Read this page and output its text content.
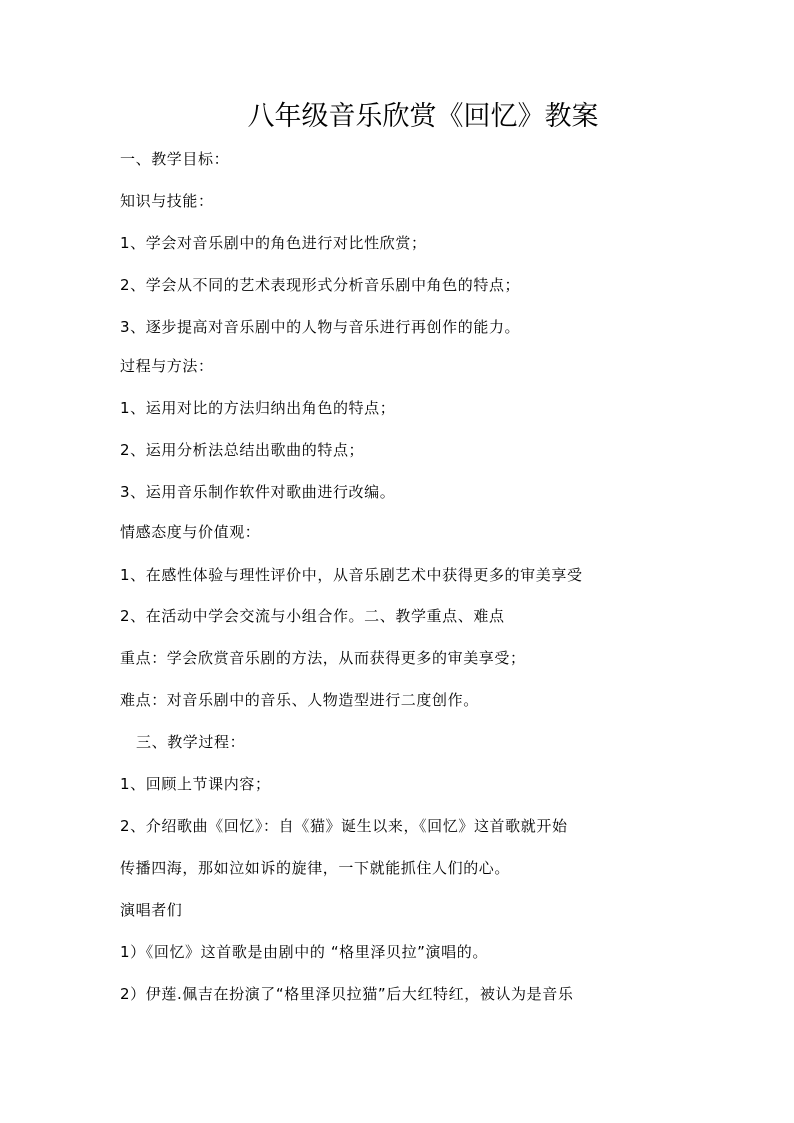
八年级音乐欣赏《回忆》教案
一、教学目标：
知识与技能：
1、学会对音乐剧中的角色进行对比性欣赏；
2、学会从不同的艺术表现形式分析音乐剧中角色的特点；
3、逐步提高对音乐剧中的人物与音乐进行再创作的能力。
过程与方法：
1、运用对比的方法归纳出角色的特点；
2、运用分析法总结出歌曲的特点；
3、运用音乐制作软件对歌曲进行改编。
情感态度与价值观：
1、在感性体验与理性评价中，从音乐剧艺术中获得更多的审美享受
2、在活动中学会交流与小组合作。二、教学重点、难点
重点：学会欣赏音乐剧的方法，从而获得更多的审美享受；
难点：对音乐剧中的音乐、人物造型进行二度创作。
三、教学过程：
1、回顾上节课内容；
2、介绍歌曲《回忆》：自《猫》诞生以来，《回忆》这首歌就开始
传播四海，那如泣如诉的旋律，一下就能抓住人们的心。
演唱者们
1）《回忆》这首歌是由剧中的 “格里泽贝拉”演唱的。
2）伊莲.佩吉在扮演了“格里泽贝拉猫”后大红特红，被认为是音乐
